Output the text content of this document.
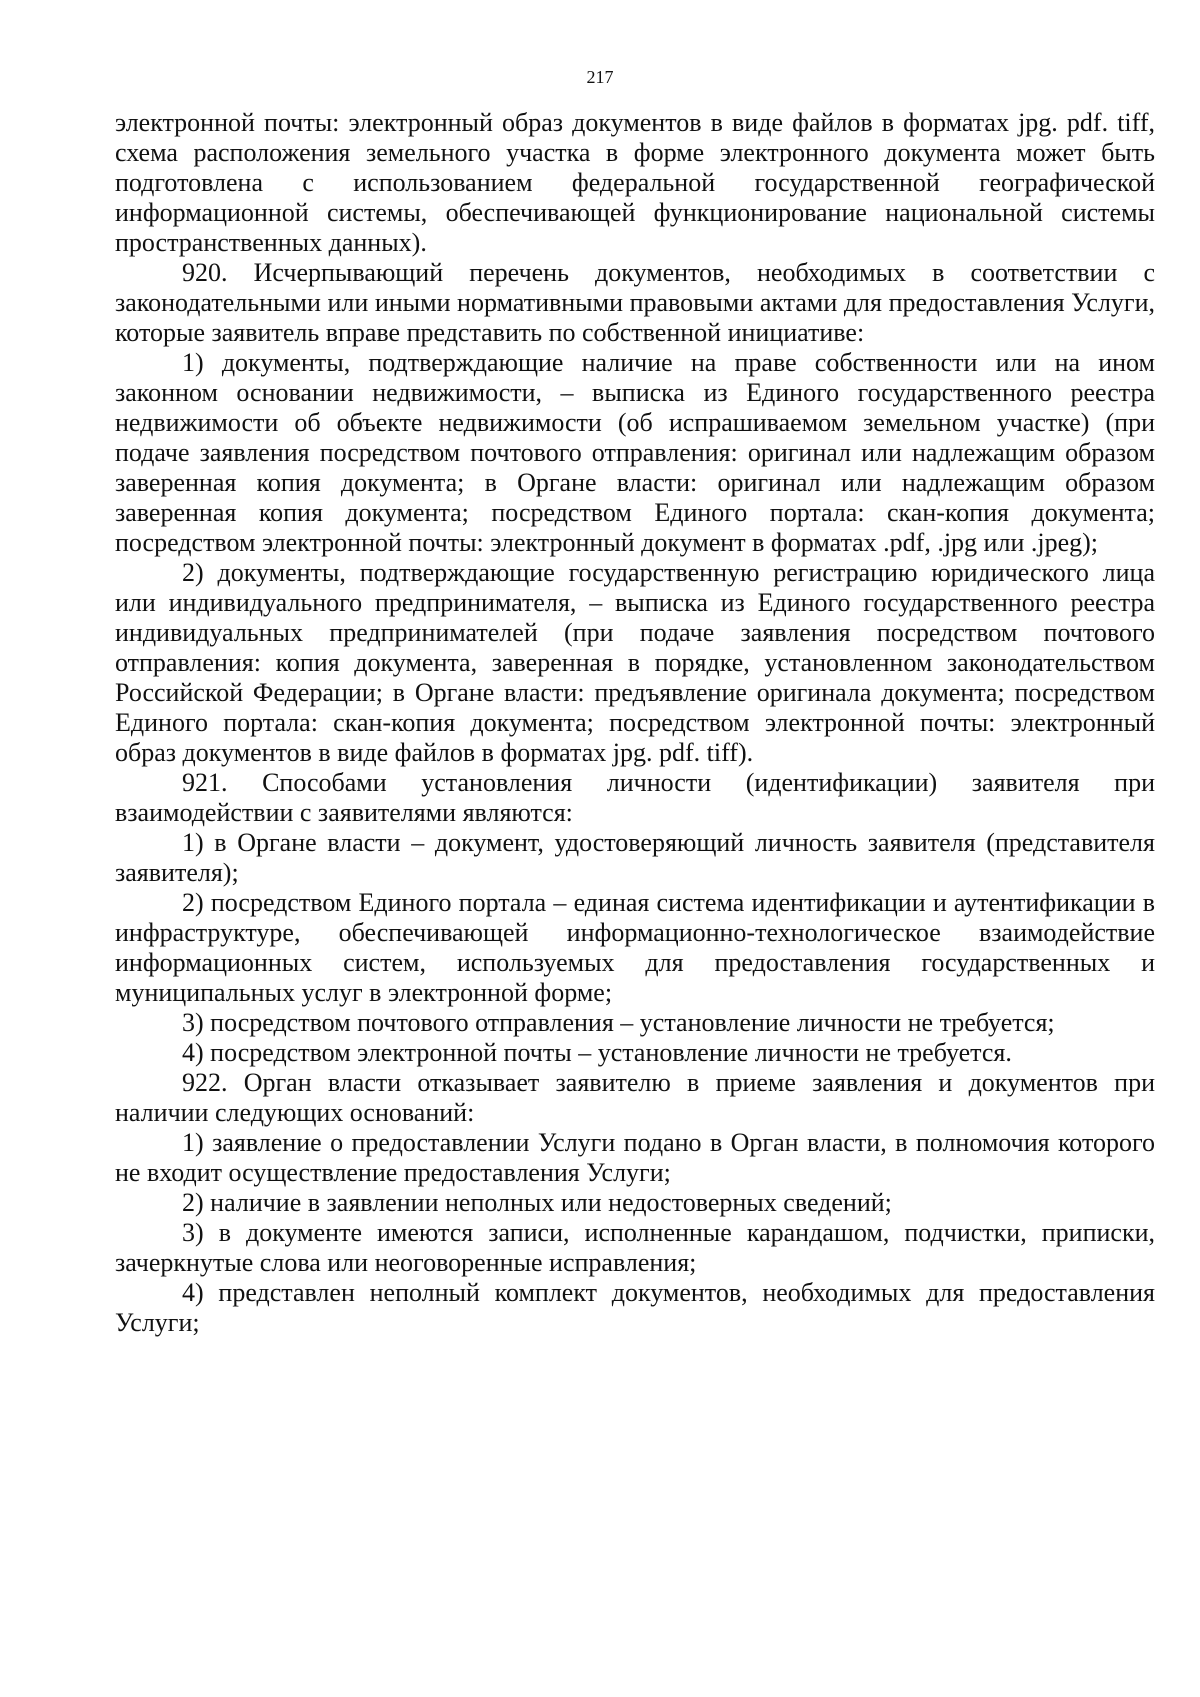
217

электронной почты: электронный образ документов в виде файлов в форматах jpg. pdf. tiff, схема расположения земельного участка в форме электронного документа может быть подготовлена с использованием федеральной государственной географической информационной системы, обеспечивающей функционирование национальной системы пространственных данных).

920. Исчерпывающий перечень документов, необходимых в соответствии с законодательными или иными нормативными правовыми актами для предоставления Услуги, которые заявитель вправе представить по собственной инициативе:

1) документы, подтверждающие наличие на праве собственности или на ином законном основании недвижимости, – выписка из Единого государственного реестра недвижимости об объекте недвижимости (об испрашиваемом земельном участке) (при подаче заявления посредством почтового отправления: оригинал или надлежащим образом заверенная копия документа; в Органе власти: оригинал или надлежащим образом заверенная копия документа; посредством Единого портала: скан-копия документа; посредством электронной почты: электронный документ в форматах .pdf, .jpg или .jpeg);

2) документы, подтверждающие государственную регистрацию юридического лица или индивидуального предпринимателя, – выписка из Единого государственного реестра индивидуальных предпринимателей (при подаче заявления посредством почтового отправления: копия документа, заверенная в порядке, установленном законодательством Российской Федерации; в Органе власти: предъявление оригинала документа; посредством Единого портала: скан-копия документа; посредством электронной почты: электронный образ документов в виде файлов в форматах jpg. pdf. tiff).

921. Способами установления личности (идентификации) заявителя при взаимодействии с заявителями являются:

1) в Органе власти – документ, удостоверяющий личность заявителя (представителя заявителя);

2) посредством Единого портала – единая система идентификации и аутентификации в инфраструктуре, обеспечивающей информационно-технологическое взаимодействие информационных систем, используемых для предоставления государственных и муниципальных услуг в электронной форме;

3) посредством почтового отправления – установление личности не требуется;

4) посредством электронной почты – установление личности не требуется.

922. Орган власти отказывает заявителю в приеме заявления и документов при наличии следующих оснований:

1) заявление о предоставлении Услуги подано в Орган власти, в полномочия которого не входит осуществление предоставления Услуги;

2) наличие в заявлении неполных или недостоверных сведений;

3) в документе имеются записи, исполненные карандашом, подчистки, приписки, зачеркнутые слова или неоговоренные исправления;

4) представлен неполный комплект документов, необходимых для предоставления Услуги;
